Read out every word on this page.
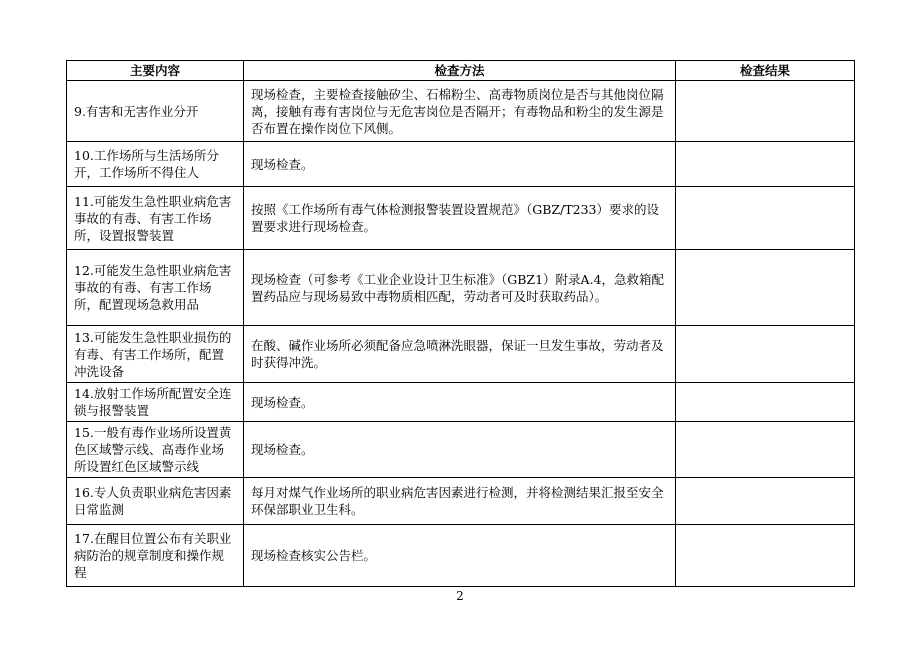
主要内容	检查方法	检查结果
9.有害和无害作业分开	现场检查，主要检查接触矽尘、石棉粉尘、高毒物质岗位是否与其他岗位隔离，接触有毒有害岗位与无危害岗位是否隔开；有毒物品和粉尘的发生源是否布置在操作岗位下风侧。	
10.工作场所与生活场所分开，工作场所不得住人	现场检查。	
11.可能发生急性职业病危害事故的有毒、有害工作场所，设置报警装置	按照《工作场所有毒气体检测报警装置设置规范》（GBZ/T233）要求的设置要求进行现场检查。	
12.可能发生急性职业病危害事故的有毒、有害工作场所，配置现场急救用品	现场检查（可参考《工业企业设计卫生标准》（GBZ1）附录A.4，急救箱配置药品应与现场易致中毒物质相匹配，劳动者可及时获取药品）。	
13.可能发生急性职业损伤的有毒、有害工作场所，配置冲洗设备	在酸、碱作业场所必须配备应急喷淋洗眼器，保证一旦发生事故，劳动者及时获得冲洗。	
14.放射工作场所配置安全连锁与报警装置	现场检查。	
15.一般有毒作业场所设置黄色区域警示线、高毒作业场所设置红色区域警示线	现场检查。	
16.专人负责职业病危害因素日常监测	每月对煤气作业场所的职业病危害因素进行检测，并将检测结果汇报至安全环保部职业卫生科。	
17.在醒目位置公布有关职业病防治的规章制度和操作规程	现场检查核实公告栏。	
2
